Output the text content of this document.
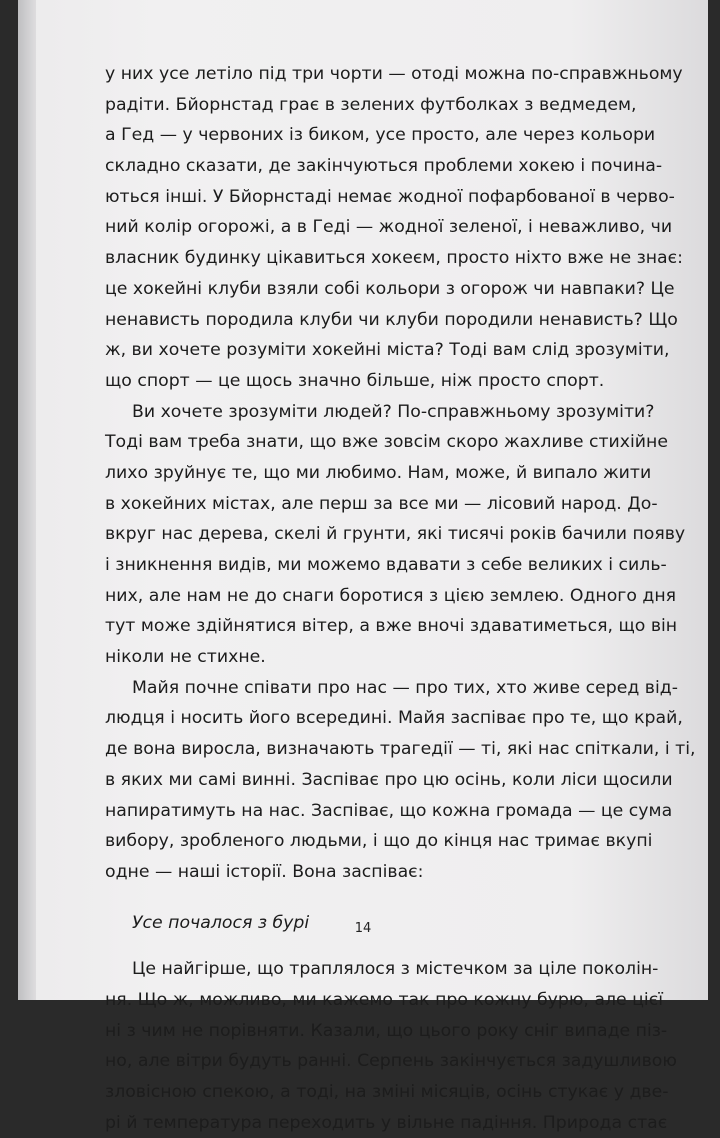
у них усе летіло під три чорти — отоді можна по-справжньому
радіти. Бйорнстад грає в зелених футболках з ведмедем,
а Гед — у червоних із биком, усе просто, але через кольори
складно сказати, де закінчуються проблеми хокею і почина-
ються інші. У Бйорнстаді немає жодної пофарбованої в черво-
ний колір огорожі, а в Геді — жодної зеленої, і неважливо, чи
власник будинку цікавиться хокеєм, просто ніхто вже не знає:
це хокейні клуби взяли собі кольори з огорож чи навпаки? Це
ненависть породила клуби чи клуби породили ненависть? Що
ж, ви хочете розуміти хокейні міста? Тоді вам слід зрозуміти,
що спорт — це щось значно більше, ніж просто спорт.
Ви хочете зрозуміти людей? По-справжньому зрозуміти?
Тоді вам треба знати, що вже зовсім скоро жахливе стихійне
лихо зруйнує те, що ми любимо. Нам, може, й випало жити
в хокейних містах, але перш за все ми — лісовий народ. До-
вкруг нас дерева, скелі й грунти, які тисячі років бачили появу
і зникнення видів, ми можемо вдавати з себе великих і силь-
них, але нам не до снаги боротися з цією землею. Одного дня
тут може здійнятися вітер, а вже вночі здаватиметься, що він
ніколи не стихне.
Майя почне співати про нас — про тих, хто живе серед від-
людця і носить його всередині. Майя заспіває про те, що край,
де вона виросла, визначають трагедії — ті, які нас спіткали, і ті,
в яких ми самі винні. Заспіває про цю осінь, коли ліси щосили
напиратимуть на нас. Заспіває, що кожна громада — це сума
вибору, зробленого людьми, і що до кінця нас тримає вкупі
одне — наші історії. Вона заспіває:
Усе почалося з бурі
Це найгірше, що траплялося з містечком за ціле поколін-
ня. Що ж, можливо, ми кажемо так про кожну бурю, але цієї
ні з чим не порівняти. Казали, що цього року сніг випаде піз-
но, але вітри будуть ранні. Серпень закінчується задушливою
зловісною спекою, а тоді, на зміні місяців, осінь стукає у две-
рі й температура переходить у вільне падіння. Природа стає
14
